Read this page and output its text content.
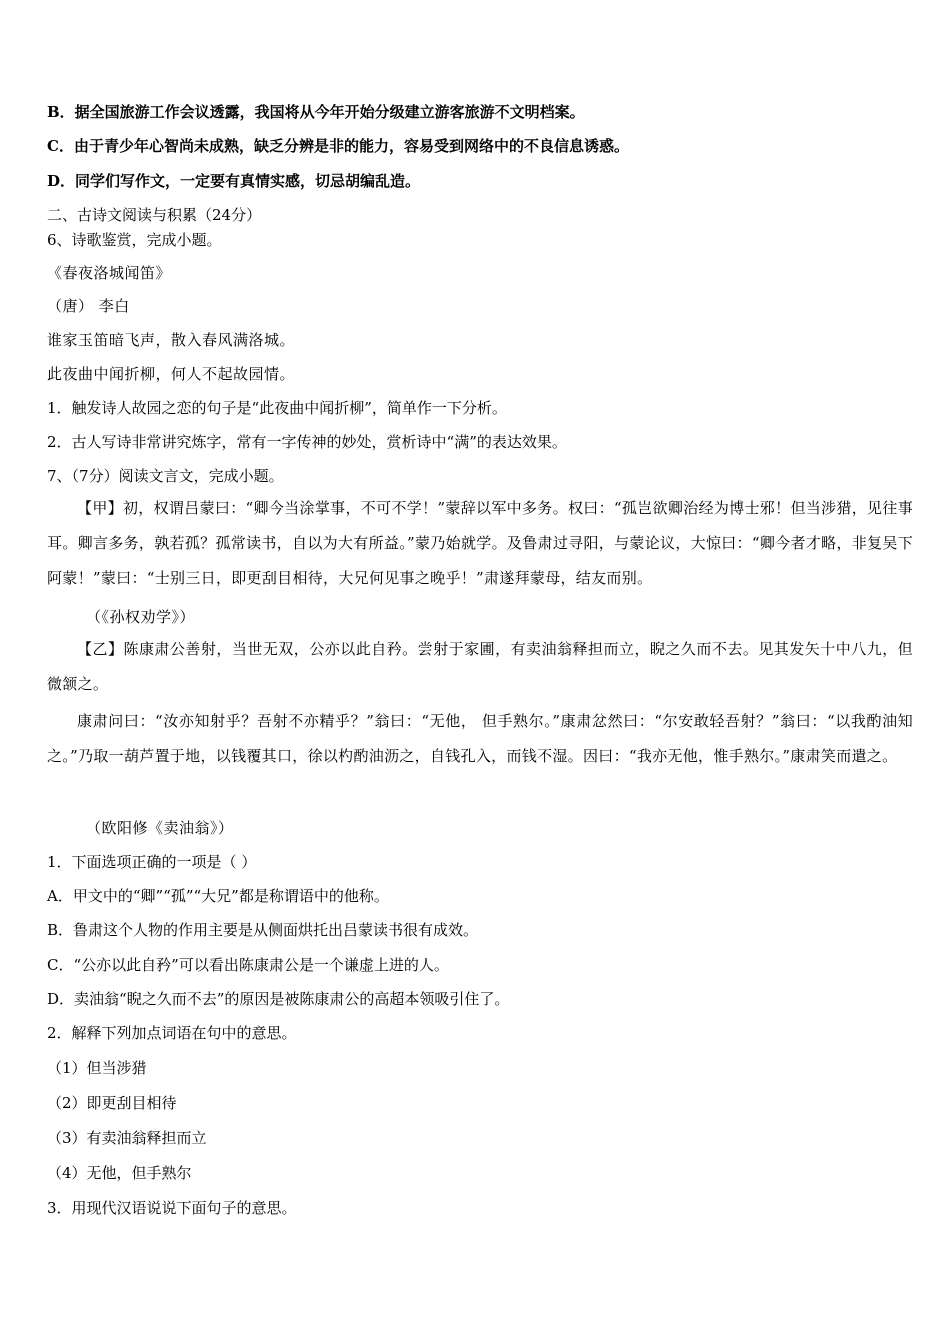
B．据全国旅游工作会议透露，我国将从今年开始分级建立游客旅游不文明档案。
C．由于青少年心智尚未成熟，缺乏分辨是非的能力，容易受到网络中的不良信息诱惑。
D．同学们写作文，一定要有真情实感，切忌胡编乱造。
二、古诗文阅读与积累（24分）
6、诗歌鉴赏，完成小题。
《春夜洛城闻笛》
（唐） 李白
谁家玉笛暗飞声，散入春风满洛城。
此夜曲中闻折柳，何人不起故园情。
1．触发诗人故园之恋的句子是“此夜曲中闻折柳”，简单作一下分析。
2．古人写诗非常讲究炼字，常有一字传神的妙处，赏析诗中“满”的表达效果。
7、（7分）阅读文言文，完成小题。
【甲】初，权谓吕蒙曰：“卿今当涂掌事，不可不学！”蒙辞以军中多务。权曰：“孤岂欲卿治经为博士邪！但当涉猎，见往事耳。卿言多务，孰若孤？孤常读书，自以为大有所益。”蒙乃始就学。及鲁肃过寻阳，与蒙论议，大惊曰：“卿今者才略，非复吴下阿蒙！”蒙曰：“士别三日，即更刮目相待，大兄何见事之晚乎！”肃遂拜蒙母，结友而别。
（《孙权劝学》）
【乙】陈康肃公善射，当世无双，公亦以此自矜。尝射于家圃，有卖油翁释担而立，睨之久而不去。见其发矢十中八九，但微颔之。
康肃问曰：“汝亦知射乎？吾射不亦精乎？”翁曰：“无他， 但手熟尔。”康肃忿然曰：“尔安敢轻吾射？”翁曰：“以我酌油知之。”乃取一葫芦置于地，以钱覆其口，徐以杓酌油沥之，自钱孔入，而钱不湿。因曰：“我亦无他，惟手熟尔。”康肃笑而遣之。
（欧阳修《卖油翁》）
1．下面选项正确的一项是（ ）
A．甲文中的“卿”“孤”“大兄”都是称谓语中的他称。
B．鲁肃这个人物的作用主要是从侧面烘托出吕蒙读书很有成效。
C．“公亦以此自矜”可以看出陈康肃公是一个谦虚上进的人。
D．卖油翁“睨之久而不去”的原因是被陈康肃公的高超本领吸引住了。
2．解释下列加点词语在句中的意思。
（1）但当涉猎
（2）即更刮目相待
（3）有卖油翁释担而立
（4）无他，但手熟尔
3．用现代汉语说说下面句子的意思。
